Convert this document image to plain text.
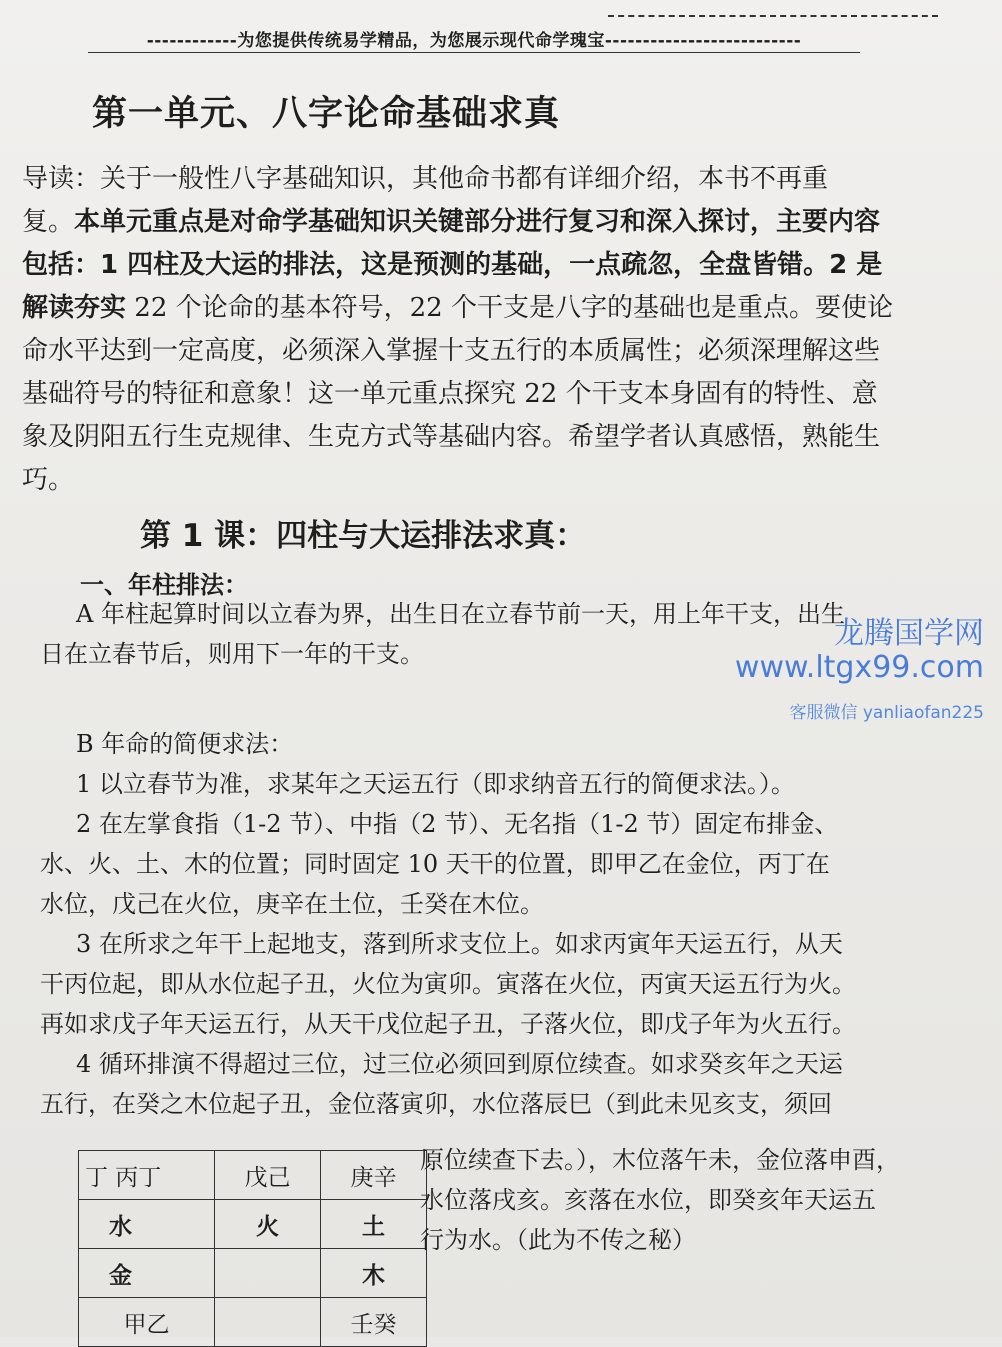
------------为您提供传统易学精品，为您展示现代命学瑰宝--------------------------
第一单元、八字论命基础求真
导读：关于一般性八字基础知识，其他命书都有详细介绍，本书不再重
复。本单元重点是对命学基础知识关键部分进行复习和深入探讨，主要内容
包括：1 四柱及大运的排法，这是预测的基础，一点疏忽，全盘皆错。2 是
解读夯实 22 个论命的基本符号，22 个干支是八字的基础也是重点。要使论
命水平达到一定高度，必须深入掌握十支五行的本质属性；必须深理解这些
基础符号的特征和意象！这一单元重点探究 22 个干支本身固有的特性、意
象及阴阳五行生克规律、生克方式等基础内容。希望学者认真感悟，熟能生
巧。
第 1 课：四柱与大运排法求真：
一、年柱排法：
A 年柱起算时间以立春为界，出生日在立春节前一天，用上年干支，出生
日在立春节后，则用下一年的干支。
龙腾国学网
www.ltgx99.com
客服微信 yanliaofan225
B 年命的简便求法：
1 以立春节为准，求某年之天运五行（即求纳音五行的简便求法。）。
2 在左掌食指（1-2 节）、中指（2 节）、无名指（1-2 节）固定布排金、
水、火、土、木的位置；同时固定 10 天干的位置，即甲乙在金位，丙丁在
水位，戊己在火位，庚辛在土位，壬癸在木位。
3 在所求之年干上起地支，落到所求支位上。如求丙寅年天运五行，从天
干丙位起，即从水位起子丑，火位为寅卯。寅落在火位，丙寅天运五行为火。
再如求戊子年天运五行，从天干戊位起子丑，子落火位，即戊子年为火五行。
4 循环排演不得超过三位，过三位必须回到原位续查。如求癸亥年之天运
五行，在癸之木位起子丑，金位落寅卯，水位落辰巳（到此未见亥支，须回
丁 丙丁	戊己	庚辛
水	火	土
金		木
甲乙		壬癸
原位续查下去。），木位落午未，金位落申酉，
水位落戌亥。亥落在水位，即癸亥年天运五
行为水。（此为不传之秘）
